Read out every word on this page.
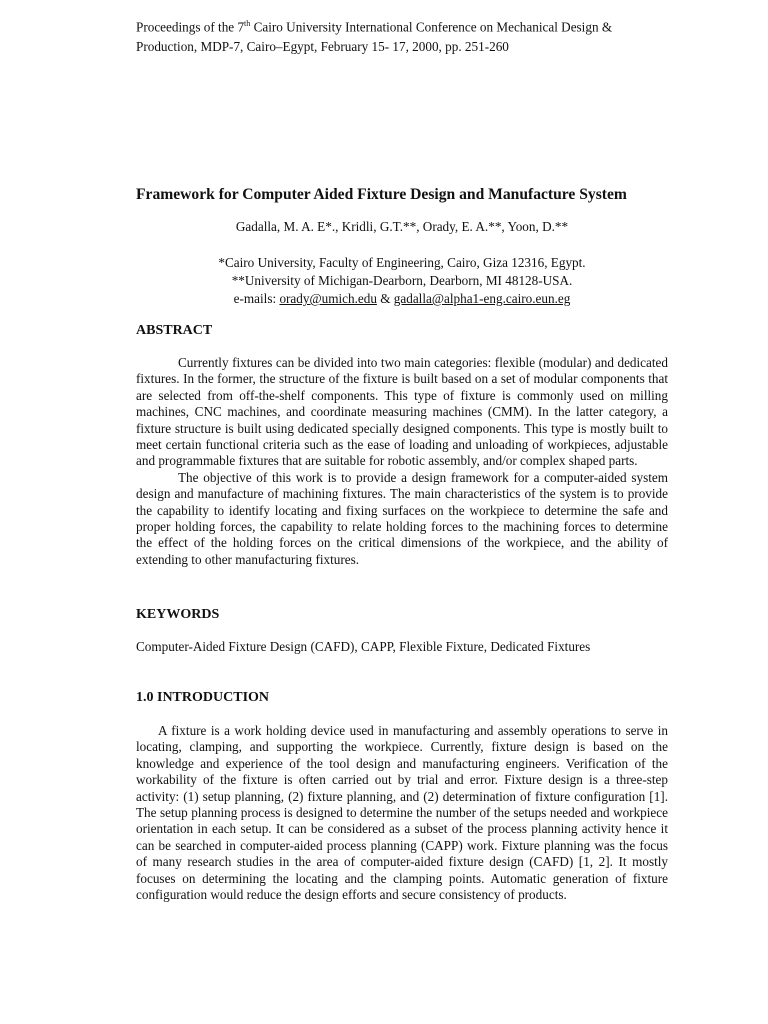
Proceedings of the 7th Cairo University International Conference on Mechanical Design &
Production, MDP-7, Cairo–Egypt, February 15- 17, 2000, pp. 251-260
Framework for Computer Aided Fixture Design and Manufacture System
Gadalla, M. A. E*., Kridli, G.T.**, Orady, E. A.**, Yoon, D.**
*Cairo University, Faculty of Engineering, Cairo, Giza 12316, Egypt.
**University of Michigan-Dearborn, Dearborn, MI 48128-USA.
e-mails: orady@umich.edu & gadalla@alpha1-eng.cairo.eun.eg
ABSTRACT

Currently fixtures can be divided into two main categories: flexible (modular) and dedicated fixtures. In the former, the structure of the fixture is built based on a set of modular components that are selected from off-the-shelf components. This type of fixture is commonly used on milling machines, CNC machines, and coordinate measuring machines (CMM). In the latter category, a fixture structure is built using dedicated specially designed components. This type is mostly built to meet certain functional criteria such as the ease of loading and unloading of workpieces, adjustable and programmable fixtures that are suitable for robotic assembly, and/or complex shaped parts.

The objective of this work is to provide a design framework for a computer-aided system design and manufacture of machining fixtures. The main characteristics of the system is to provide the capability to identify locating and fixing surfaces on the workpiece to determine the safe and proper holding forces, the capability to relate holding forces to the machining forces to determine the effect of the holding forces on the critical dimensions of the workpiece, and the ability of extending to other manufacturing fixtures.

KEYWORDS
Computer-Aided Fixture Design (CAFD), CAPP, Flexible Fixture, Dedicated Fixtures
1.0 INTRODUCTION

A fixture is a work holding device used in manufacturing and assembly operations to serve in locating, clamping, and supporting the workpiece. Currently, fixture design is based on the knowledge and experience of the tool design and manufacturing engineers. Verification of the workability of the fixture is often carried out by trial and error. Fixture design is a three-step activity: (1) setup planning, (2) fixture planning, and (2) determination of fixture configuration [1]. The setup planning process is designed to determine the number of the setups needed and workpiece orientation in each setup. It can be considered as a subset of the process planning activity hence it can be searched in computer-aided process planning (CAPP) work. Fixture planning was the focus of many research studies in the area of computer-aided fixture design (CAFD) [1, 2]. It mostly focuses on determining the locating and the clamping points. Automatic generation of fixture configuration would reduce the design efforts and secure consistency of products.
